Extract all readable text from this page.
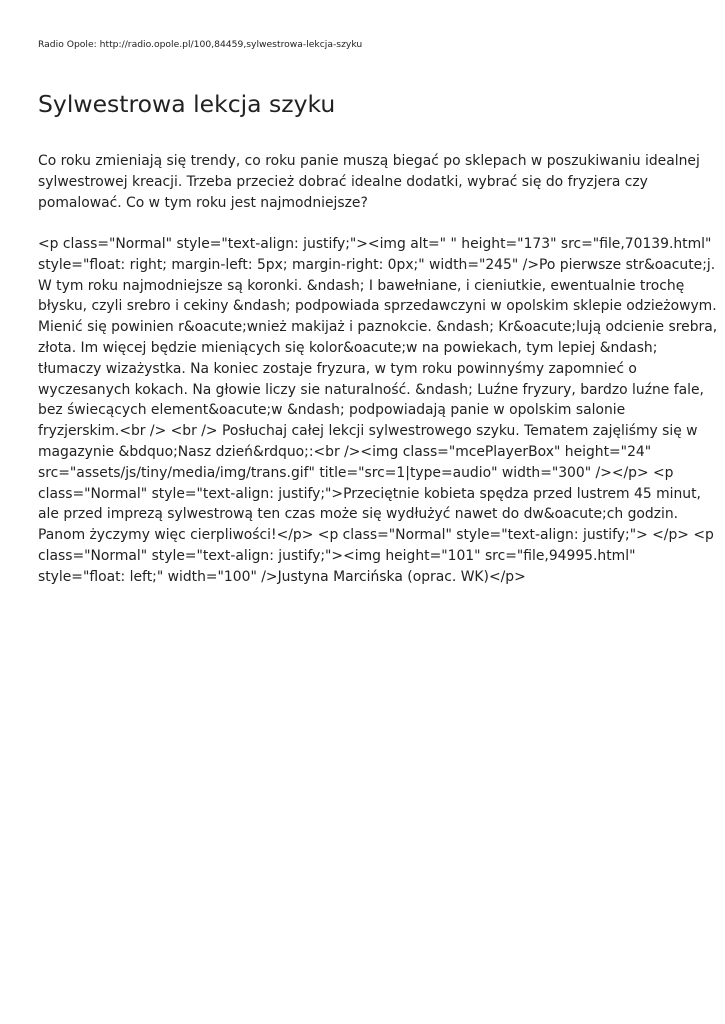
Radio Opole: http://radio.opole.pl/100,84459,sylwestrowa-lekcja-szyku
Sylwestrowa lekcja szyku
Co roku zmieniają się trendy, co roku panie muszą biegać po sklepach w poszukiwaniu idealnej
sylwestrowej kreacji. Trzeba przecież dobrać idealne dodatki, wybrać się do fryzjera czy
pomalować. Co w tym roku jest najmodniejsze?
<p class="Normal" style="text-align: justify;"><img alt=" " height="173" src="file,70139.html"
style="float: right; margin-left: 5px; margin-right: 0px;" width="245" />Po pierwsze str&oacute;j.
W tym roku najmodniejsze są koronki. &ndash; I bawełniane, i cieniutkie, ewentualnie trochę
błysku, czyli srebro i cekiny &ndash; podpowiada sprzedawczyni w opolskim sklepie odzieżowym.
Mienić się powinien r&oacute;wnież makijaż i paznokcie. &ndash; Kr&oacute;lują odcienie srebra,
złota. Im więcej będzie mieniących się kolor&oacute;w na powiekach, tym lepiej &ndash;
tłumaczy wizażystka. Na koniec zostaje fryzura, w tym roku powinnyśmy zapomnieć o
wyczesanych kokach. Na głowie liczy sie naturalność. &ndash; Luźne fryzury, bardzo luźne fale,
bez świecących element&oacute;w &ndash; podpowiadają panie w opolskim salonie
fryzjerskim.<br /> <br /> Posłuchaj całej lekcji sylwestrowego szyku. Tematem zajęliśmy się w
magazynie &bdquo;Nasz dzień&rdquo;:<br /><img class="mcePlayerBox" height="24"
src="assets/js/tiny/media/img/trans.gif" title="src=1|type=audio" width="300" /></p> <p
class="Normal" style="text-align: justify;">Przeciętnie kobieta spędza przed lustrem 45 minut,
ale przed imprezą sylwestrową ten czas może się wydłużyć nawet do dw&oacute;ch godzin.
Panom życzymy więc cierpliwości!</p> <p class="Normal" style="text-align: justify;"> </p> <p
class="Normal" style="text-align: justify;"><img height="101" src="file,94995.html"
style="float: left;" width="100" />Justyna Marcińska (oprac. WK)</p>
